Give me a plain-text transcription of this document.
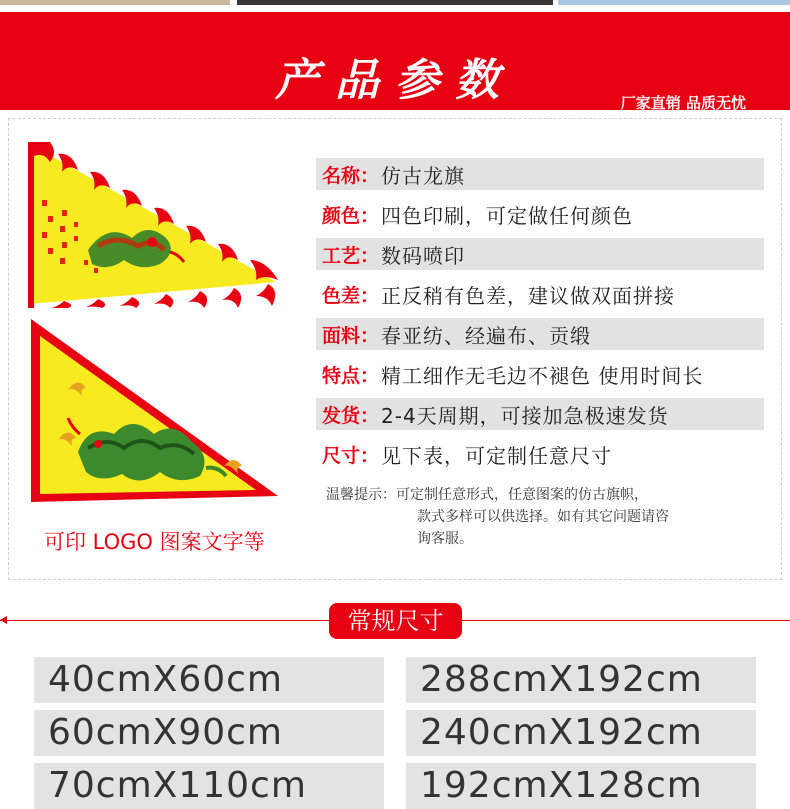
产品参数	厂家直销 品质无忧
可印 LOGO 图案文字等
名称： 仿古龙旗
颜色： 四色印刷，可定做任何颜色
工艺： 数码喷印
色差： 正反稍有色差，建议做双面拼接
面料： 春亚纺、经遍布、贡缎
特点： 精工细作无毛边不褪色 使用时间长
发货： 2-4天周期，可接加急极速发货
尺寸： 见下表，可定制任意尺寸
温馨提示：可定制任意形式，任意图案的仿古旗帜，
款式多样可以供选择。如有其它问题请咨
询客服。
常规尺寸
40cmX60cm
60cmX90cm
70cmX110cm
288cmX192cm
240cmX192cm
192cmX128cm
